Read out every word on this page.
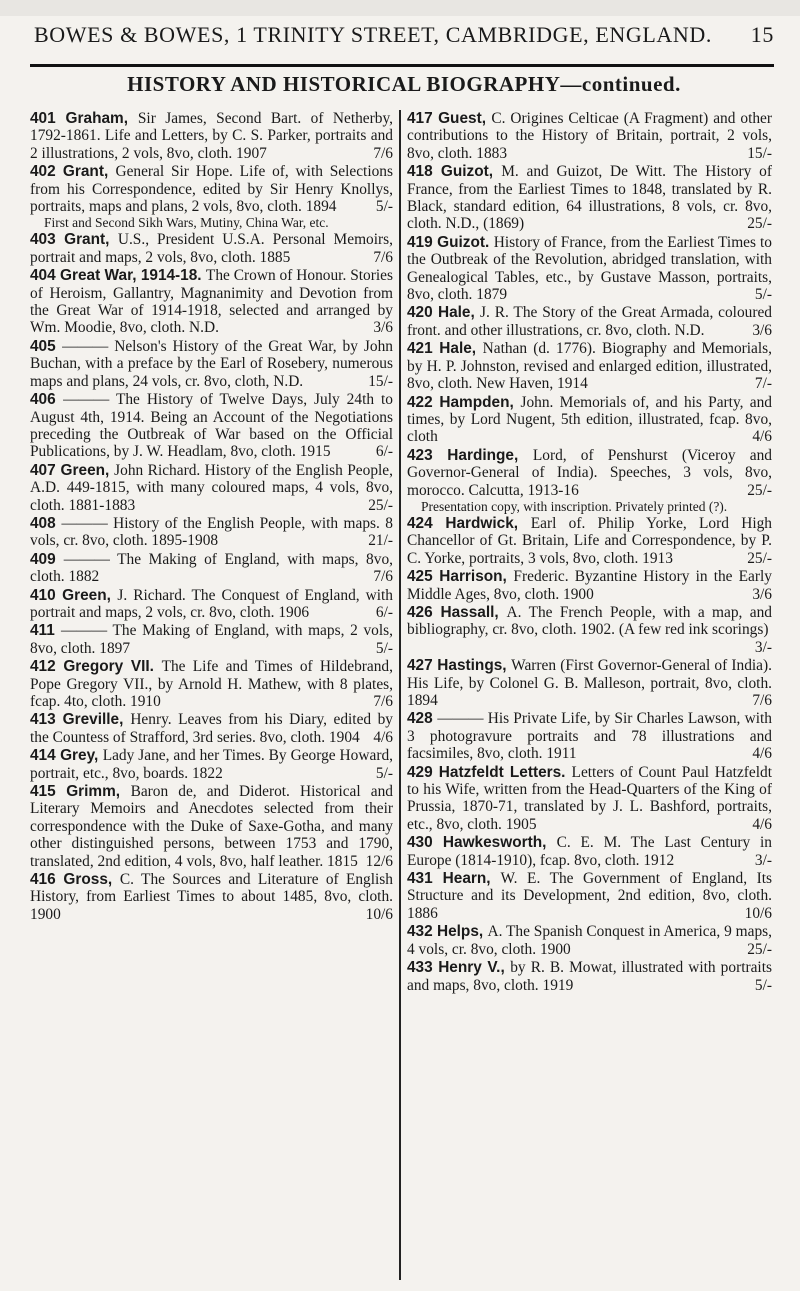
BOWES & BOWES, 1 TRINITY STREET, CAMBRIDGE, ENGLAND. 15
HISTORY AND HISTORICAL BIOGRAPHY—continued.
401 Graham, Sir James, Second Bart. of Netherby, 1792-1861. Life and Letters, by C. S. Parker, portraits and 2 illustrations, 2 vols, 8vo, cloth. 1907	7/6
402 Grant, General Sir Hope. Life of, with Selections from his Correspondence, edited by Sir Henry Knollys, portraits, maps and plans, 2 vols, 8vo, cloth. 1894	5/-
First and Second Sikh Wars, Mutiny, China War, etc.
403 Grant, U.S., President U.S.A. Personal Memoirs, portrait and maps, 2 vols, 8vo, cloth. 1885	7/6
404 Great War, 1914-18. The Crown of Honour. Stories of Heroism, Gallantry, Magnanimity and Devotion from the Great War of 1914-1918, selected and arranged by Wm. Moodie, 8vo, cloth. N.D.	3/6
405 ——— Nelson's History of the Great War, by John Buchan, with a preface by the Earl of Rosebery, numerous maps and plans, 24 vols, cr. 8vo, cloth, N.D.	15/-
406 ——— The History of Twelve Days, July 24th to August 4th, 1914. Being an Account of the Negotiations preceding the Outbreak of War based on the Official Publications, by J. W. Headlam, 8vo, cloth. 1915	6/-
407 Green, John Richard. History of the English People, A.D. 449-1815, with many coloured maps, 4 vols, 8vo, cloth. 1881-1883	25/-
408 ——— History of the English People, with maps. 8 vols, cr. 8vo, cloth. 1895-1908	21/-
409 ——— The Making of England, with maps, 8vo, cloth. 1882	7/6
410 Green, J. Richard. The Conquest of England, with portrait and maps, 2 vols, cr. 8vo, cloth. 1906	6/-
411 ——— The Making of England, with maps, 2 vols, 8vo, cloth. 1897	5/-
412 Gregory VII. The Life and Times of Hildebrand, Pope Gregory VII., by Arnold H. Mathew, with 8 plates, fcap. 4to, cloth. 1910	7/6
413 Greville, Henry. Leaves from his Diary, edited by the Countess of Strafford, 3rd series. 8vo, cloth. 1904 4/6
414 Grey, Lady Jane, and her Times. By George Howard, portrait, etc., 8vo, boards. 1822	5/-
415 Grimm, Baron de, and Diderot. Historical and Literary Memoirs and Anecdotes selected from their correspondence with the Duke of Saxe-Gotha, and many other distinguished persons, between 1753 and 1790, translated, 2nd edition, 4 vols, 8vo, half leather. 1815 12/6
416 Gross, C. The Sources and Literature of English History, from Earliest Times to about 1485, 8vo, cloth. 1900	10/6
417 Guest, C. Origines Celticae (A Fragment) and other contributions to the History of Britain, portrait, 2 vols, 8vo, cloth. 1883	15/-
418 Guizot, M. and Guizot, De Witt. The History of France, from the Earliest Times to 1848, translated by R. Black, standard edition, 64 illustrations, 8 vols, cr. 8vo, cloth. N.D., (1869)	25/-
419 Guizot. History of France, from the Earliest Times to the Outbreak of the Revolution, abridged translation, with Genealogical Tables, etc., by Gustave Masson, portraits, 8vo, cloth. 1879	5/-
420 Hale, J. R. The Story of the Great Armada, coloured front. and other illustrations, cr. 8vo, cloth. N.D.	3/6
421 Hale, Nathan (d. 1776). Biography and Memorials, by H. P. Johnston, revised and enlarged edition, illustrated, 8vo, cloth. New Haven, 1914	7/-
422 Hampden, John. Memorials of, and his Party, and times, by Lord Nugent, 5th edition, illustrated, fcap. 8vo, cloth	4/6
423 Hardinge, Lord, of Penshurst (Viceroy and Governor-General of India). Speeches, 3 vols, 8vo, morocco. Calcutta, 1913-16	25/-
Presentation copy, with inscription. Privately printed (?).
424 Hardwick, Earl of. Philip Yorke, Lord High Chancellor of Gt. Britain, Life and Correspondence, by P. C. Yorke, portraits, 3 vols, 8vo, cloth. 1913	25/-
425 Harrison, Frederic. Byzantine History in the Early Middle Ages, 8vo, cloth. 1900	3/6
426 Hassall, A. The French People, with a map, and bibliography, cr. 8vo, cloth. 1902. (A few red ink scorings)
3/-
427 Hastings, Warren (First Governor-General of India). His Life, by Colonel G. B. Malleson, portrait, 8vo, cloth. 1894	7/6
428 ——— His Private Life, by Sir Charles Lawson, with 3 photogravure portraits and 78 illustrations and facsimiles, 8vo, cloth. 1911	4/6
429 Hatzfeldt Letters. Letters of Count Paul Hatzfeldt to his Wife, written from the Head-Quarters of the King of Prussia, 1870-71, translated by J. L. Bashford, portraits, etc., 8vo, cloth. 1905	4/6
430 Hawkesworth, C. E. M. The Last Century in Europe (1814-1910), fcap. 8vo, cloth. 1912	3/-
431 Hearn, W. E. The Government of England, Its Structure and its Development, 2nd edition, 8vo, cloth. 1886	10/6
432 Helps, A. The Spanish Conquest in America, 9 maps, 4 vols, cr. 8vo, cloth. 1900	25/-
433 Henry V., by R. B. Mowat, illustrated with portraits and maps, 8vo, cloth. 1919	5/-
